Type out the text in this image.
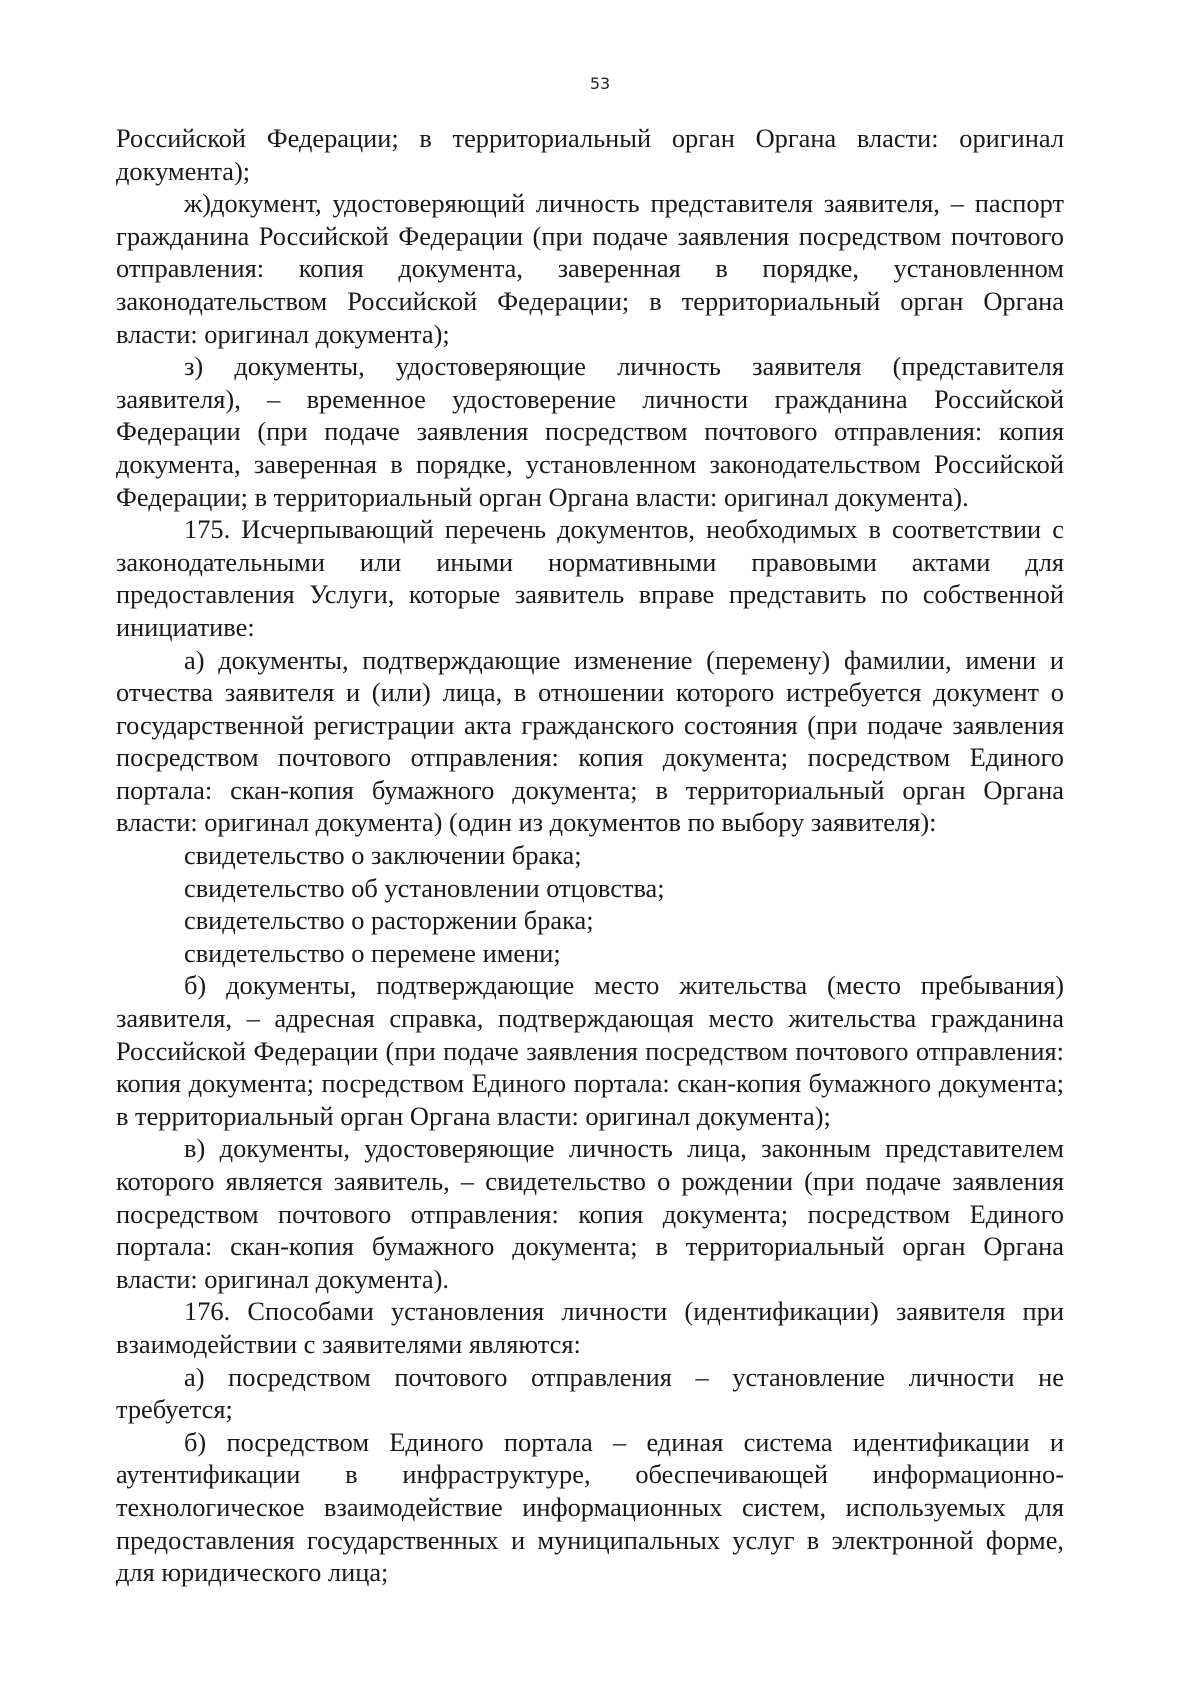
53

Российской Федерации; в территориальный орган Органа власти: оригинал документа);

ж)документ, удостоверяющий личность представителя заявителя, – паспорт гражданина Российской Федерации (при подаче заявления посредством почтового отправления: копия документа, заверенная в порядке, установленном законодательством Российской Федерации; в территориальный орган Органа власти: оригинал документа);

з) документы, удостоверяющие личность заявителя (представителя заявителя), – временное удостоверение личности гражданина Российской Федерации (при подаче заявления посредством почтового отправления: копия документа, заверенная в порядке, установленном законодательством Российской Федерации; в территориальный орган Органа власти: оригинал документа).

175. Исчерпывающий перечень документов, необходимых в соответствии с законодательными или иными нормативными правовыми актами для предоставления Услуги, которые заявитель вправе представить по собственной инициативе:

а) документы, подтверждающие изменение (перемену) фамилии, имени и отчества заявителя и (или) лица, в отношении которого истребуется документ о государственной регистрации акта гражданского состояния (при подаче заявления посредством почтового отправления: копия документа; посредством Единого портала: скан-копия бумажного документа; в территориальный орган Органа власти: оригинал документа) (один из документов по выбору заявителя):

свидетельство о заключении брака;

свидетельство об установлении отцовства;

свидетельство о расторжении брака;

свидетельство о перемене имени;

б) документы, подтверждающие место жительства (место пребывания) заявителя, – адресная справка, подтверждающая место жительства гражданина Российской Федерации (при подаче заявления посредством почтового отправления: копия документа; посредством Единого портала: скан-копия бумажного документа; в территориальный орган Органа власти: оригинал документа);

в) документы, удостоверяющие личность лица, законным представителем которого является заявитель, – свидетельство о рождении (при подаче заявления посредством почтового отправления: копия документа; посредством Единого портала: скан-копия бумажного документа; в территориальный орган Органа власти: оригинал документа).

176. Способами установления личности (идентификации) заявителя при взаимодействии с заявителями являются:

а) посредством почтового отправления – установление личности не требуется;

б) посредством Единого портала – единая система идентификации и аутентификации в инфраструктуре, обеспечивающей информационно-технологическое взаимодействие информационных систем, используемых для предоставления государственных и муниципальных услуг в электронной форме, для юридического лица;
